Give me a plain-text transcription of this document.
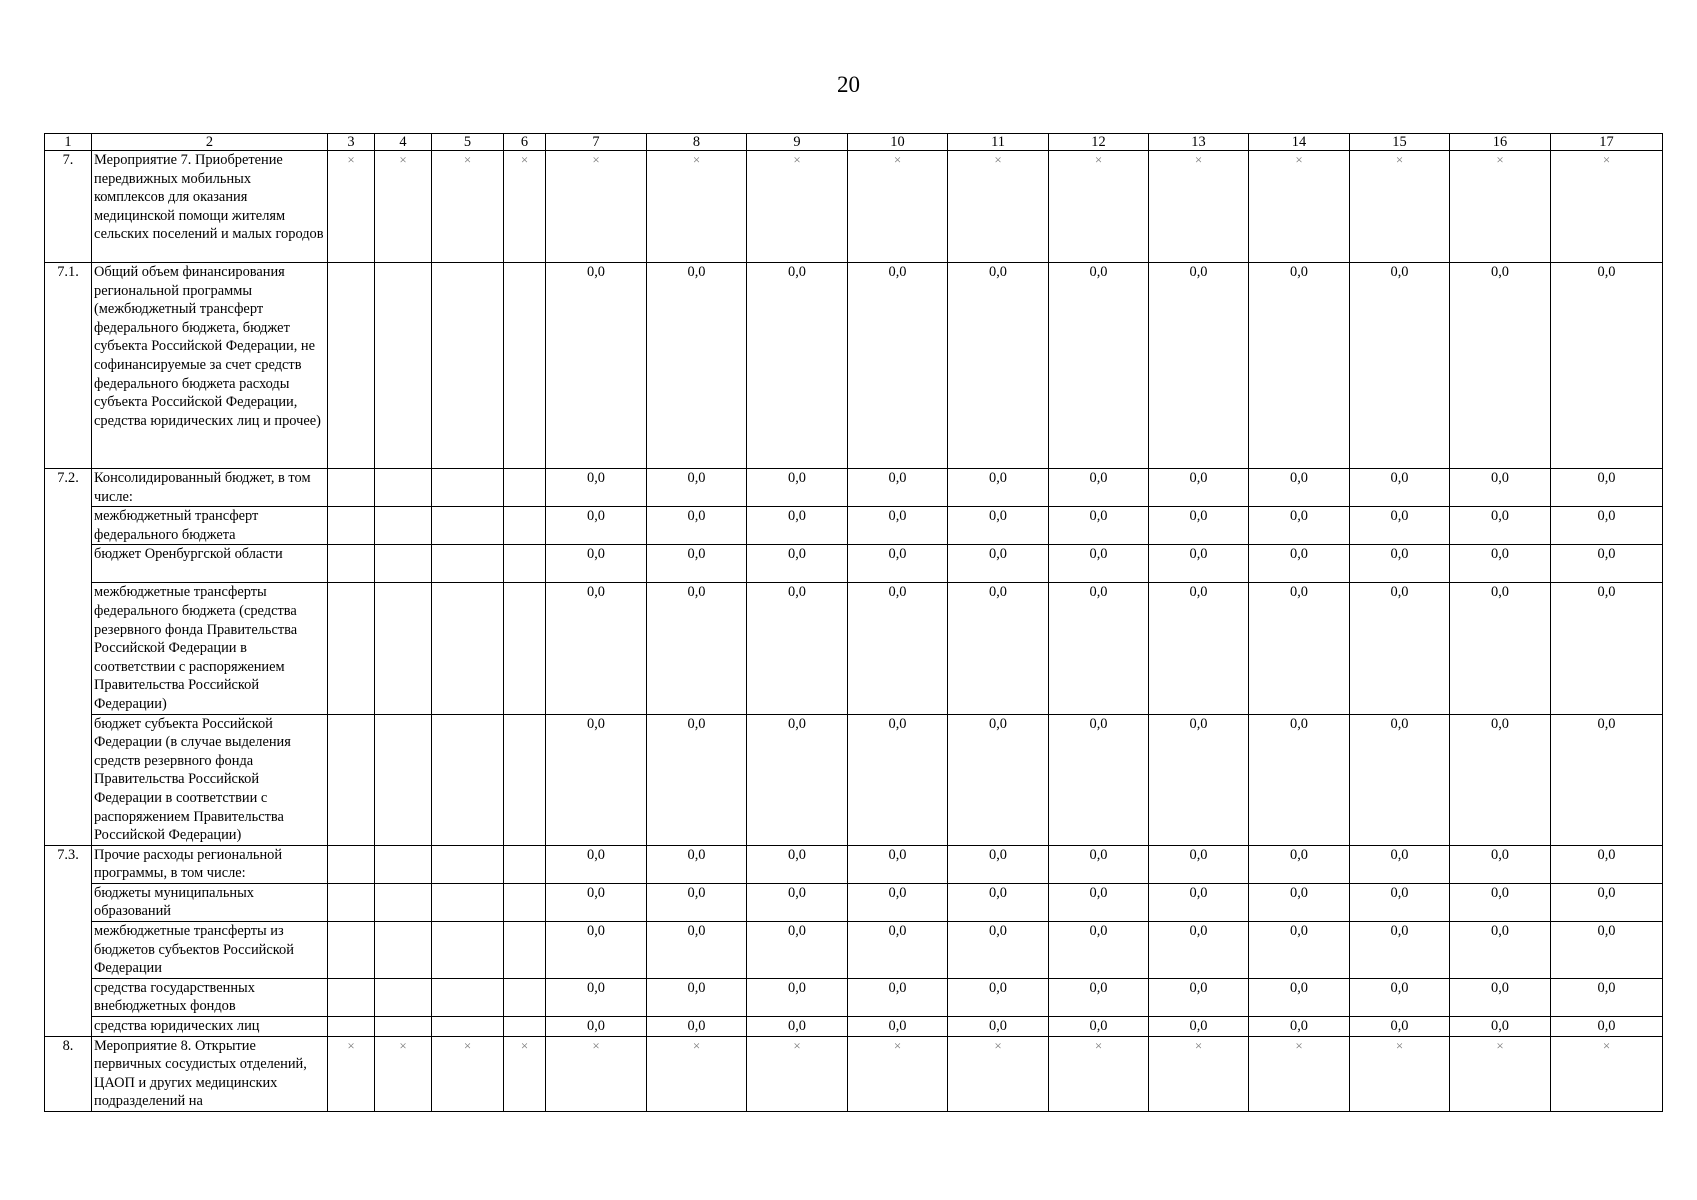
20
1	2	3	4	5	6	7	8	9	10	11	12	13	14	15	16	17
7.	Мероприятие 7. Приобретение передвижных мобильных комплексов для оказания медицинской помощи жителям сельских поселений и малых городов	×	×	×	×	×	×	×	×	×	×	×	×	×	×	×
7.1.	Общий объем финансирования региональной программы (межбюджетный трансферт федерального бюджета, бюджет субъекта Российской Федерации, не софинансируемые за счет средств федерального бюджета расходы субъекта Российской Федерации, средства юридических лиц и прочее)					0,0	0,0	0,0	0,0	0,0	0,0	0,0	0,0	0,0	0,0	0,0
7.2.	Консолидированный бюджет, в том числе:					0,0	0,0	0,0	0,0	0,0	0,0	0,0	0,0	0,0	0,0	0,0
	межбюджетный трансферт федерального бюджета					0,0	0,0	0,0	0,0	0,0	0,0	0,0	0,0	0,0	0,0	0,0
	бюджет Оренбургской области					0,0	0,0	0,0	0,0	0,0	0,0	0,0	0,0	0,0	0,0	0,0
	межбюджетные трансферты федерального бюджета (средства резервного фонда Правительства Российской Федерации в соответствии с распоряжением Правительства Российской Федерации)					0,0	0,0	0,0	0,0	0,0	0,0	0,0	0,0	0,0	0,0	0,0
	бюджет субъекта Российской Федерации (в случае выделения средств резервного фонда Правительства Российской Федерации в соответствии с распоряжением Правительства Российской Федерации)					0,0	0,0	0,0	0,0	0,0	0,0	0,0	0,0	0,0	0,0	0,0
7.3.	Прочие расходы региональной программы, в том числе:					0,0	0,0	0,0	0,0	0,0	0,0	0,0	0,0	0,0	0,0	0,0
	бюджеты муниципальных образований					0,0	0,0	0,0	0,0	0,0	0,0	0,0	0,0	0,0	0,0	0,0
	межбюджетные трансферты из бюджетов субъектов Российской Федерации					0,0	0,0	0,0	0,0	0,0	0,0	0,0	0,0	0,0	0,0	0,0
	средства государственных внебюджетных фондов					0,0	0,0	0,0	0,0	0,0	0,0	0,0	0,0	0,0	0,0	0,0
	средства юридических лиц					0,0	0,0	0,0	0,0	0,0	0,0	0,0	0,0	0,0	0,0	0,0
8.	Мероприятие 8. Открытие первичных сосудистых отделений, ЦАОП и других медицинских подразделений на	×	×	×	×	×	×	×	×	×	×	×	×	×	×	×
